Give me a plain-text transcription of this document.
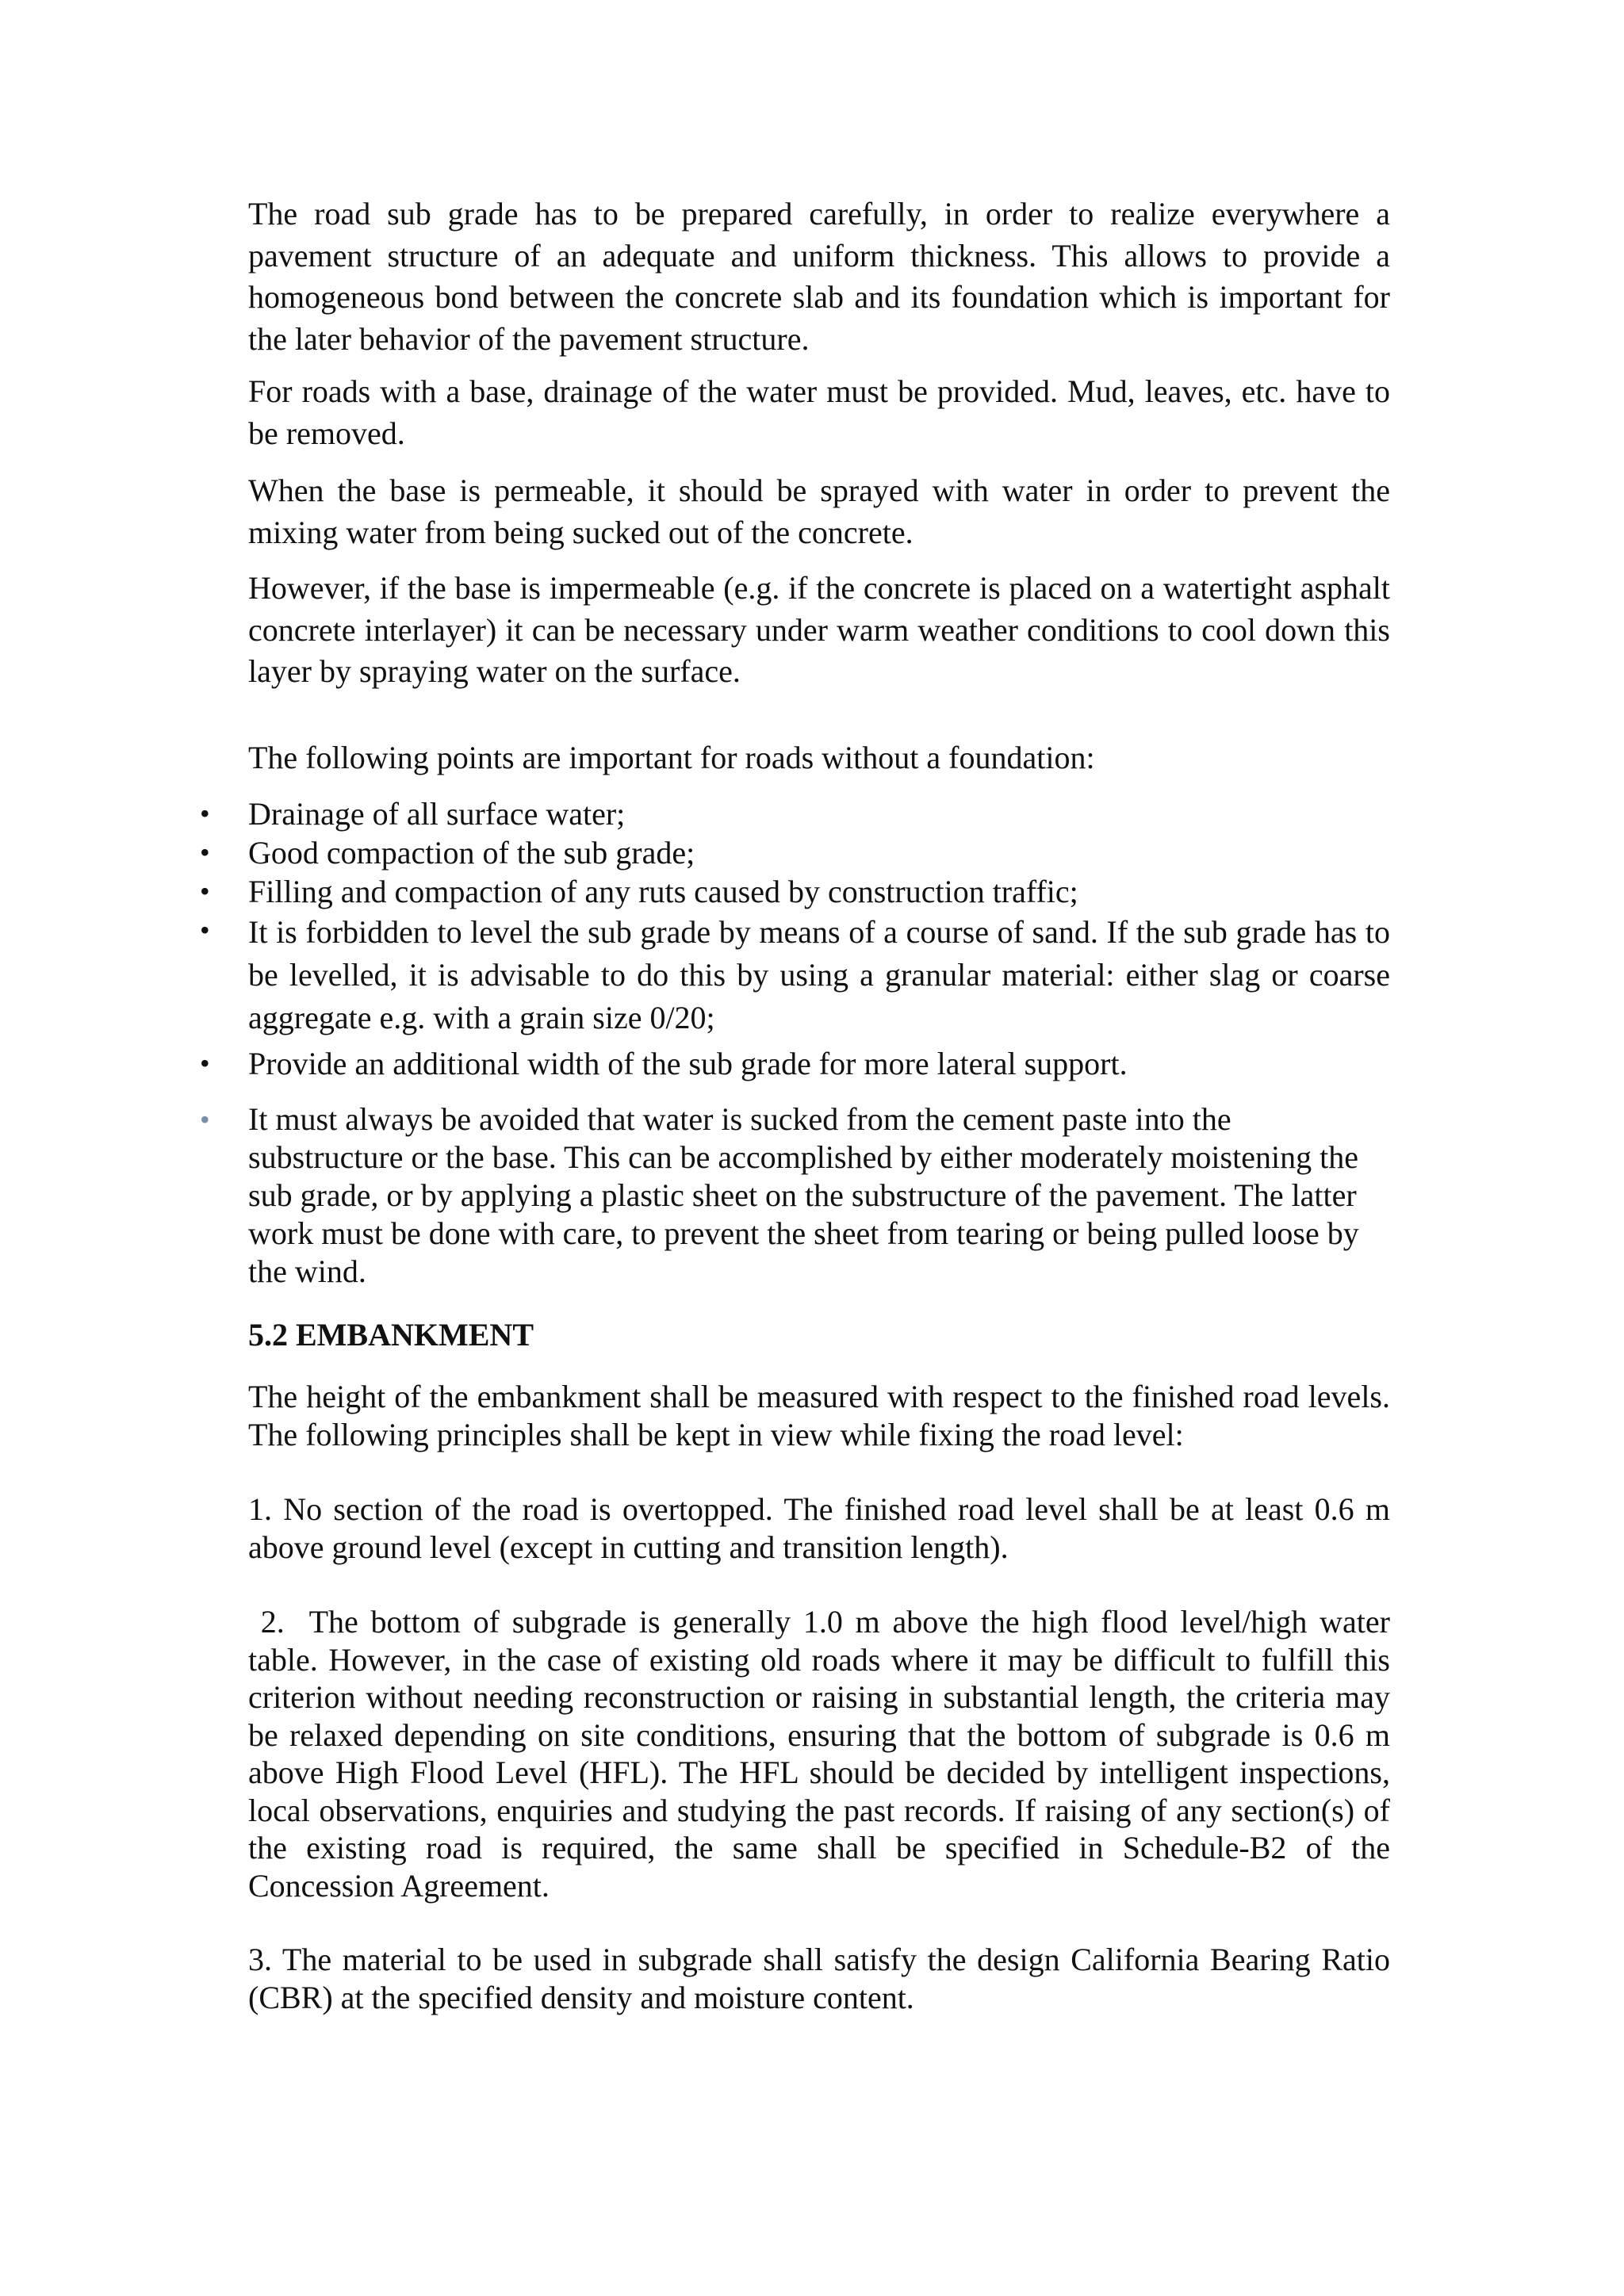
The road sub grade has to be prepared carefully, in order to realize everywhere a pavement structure of an adequate and uniform thickness. This allows to provide a homogeneous bond between the concrete slab and its foundation which is important for the later behavior of the pavement structure.

For roads with a base, drainage of the water must be provided. Mud, leaves, etc. have to be removed.

When the base is permeable, it should be sprayed with water in order to prevent the mixing water from being sucked out of the concrete.

However, if the base is impermeable (e.g. if the concrete is placed on a watertight asphalt concrete interlayer) it can be necessary under warm weather conditions to cool down this layer by spraying water on the surface.

The following points are important for roads without a foundation:

• Drainage of all surface water;
• Good compaction of the sub grade;
• Filling and compaction of any ruts caused by construction traffic;
• It is forbidden to level the sub grade by means of a course of sand. If the sub grade has to be levelled, it is advisable to do this by using a granular material: either slag or coarse aggregate e.g. with a grain size 0/20;
• Provide an additional width of the sub grade for more lateral support.
• It must always be avoided that water is sucked from the cement paste into the substructure or the base. This can be accomplished by either moderately moistening the sub grade, or by applying a plastic sheet on the substructure of the pavement. The latter work must be done with care, to prevent the sheet from tearing or being pulled loose by the wind.
5.2 EMBANKMENT

The height of the embankment shall be measured with respect to the finished road levels. The following principles shall be kept in view while fixing the road level:

1. No section of the road is overtopped. The finished road level shall be at least 0.6 m above ground level (except in cutting and transition length).

2.  The bottom of subgrade is generally 1.0 m above the high flood level/high water table. However, in the case of existing old roads where it may be difficult to fulfill this criterion without needing reconstruction or raising in substantial length, the criteria may be relaxed depending on site conditions, ensuring that the bottom of subgrade is 0.6 m above High Flood Level (HFL). The HFL should be decided by intelligent inspections, local observations, enquiries and studying the past records. If raising of any section(s) of the existing road is required, the same shall be specified in Schedule-B2 of the Concession Agreement.

3. The material to be used in subgrade shall satisfy the design California Bearing Ratio (CBR) at the specified density and moisture content.
